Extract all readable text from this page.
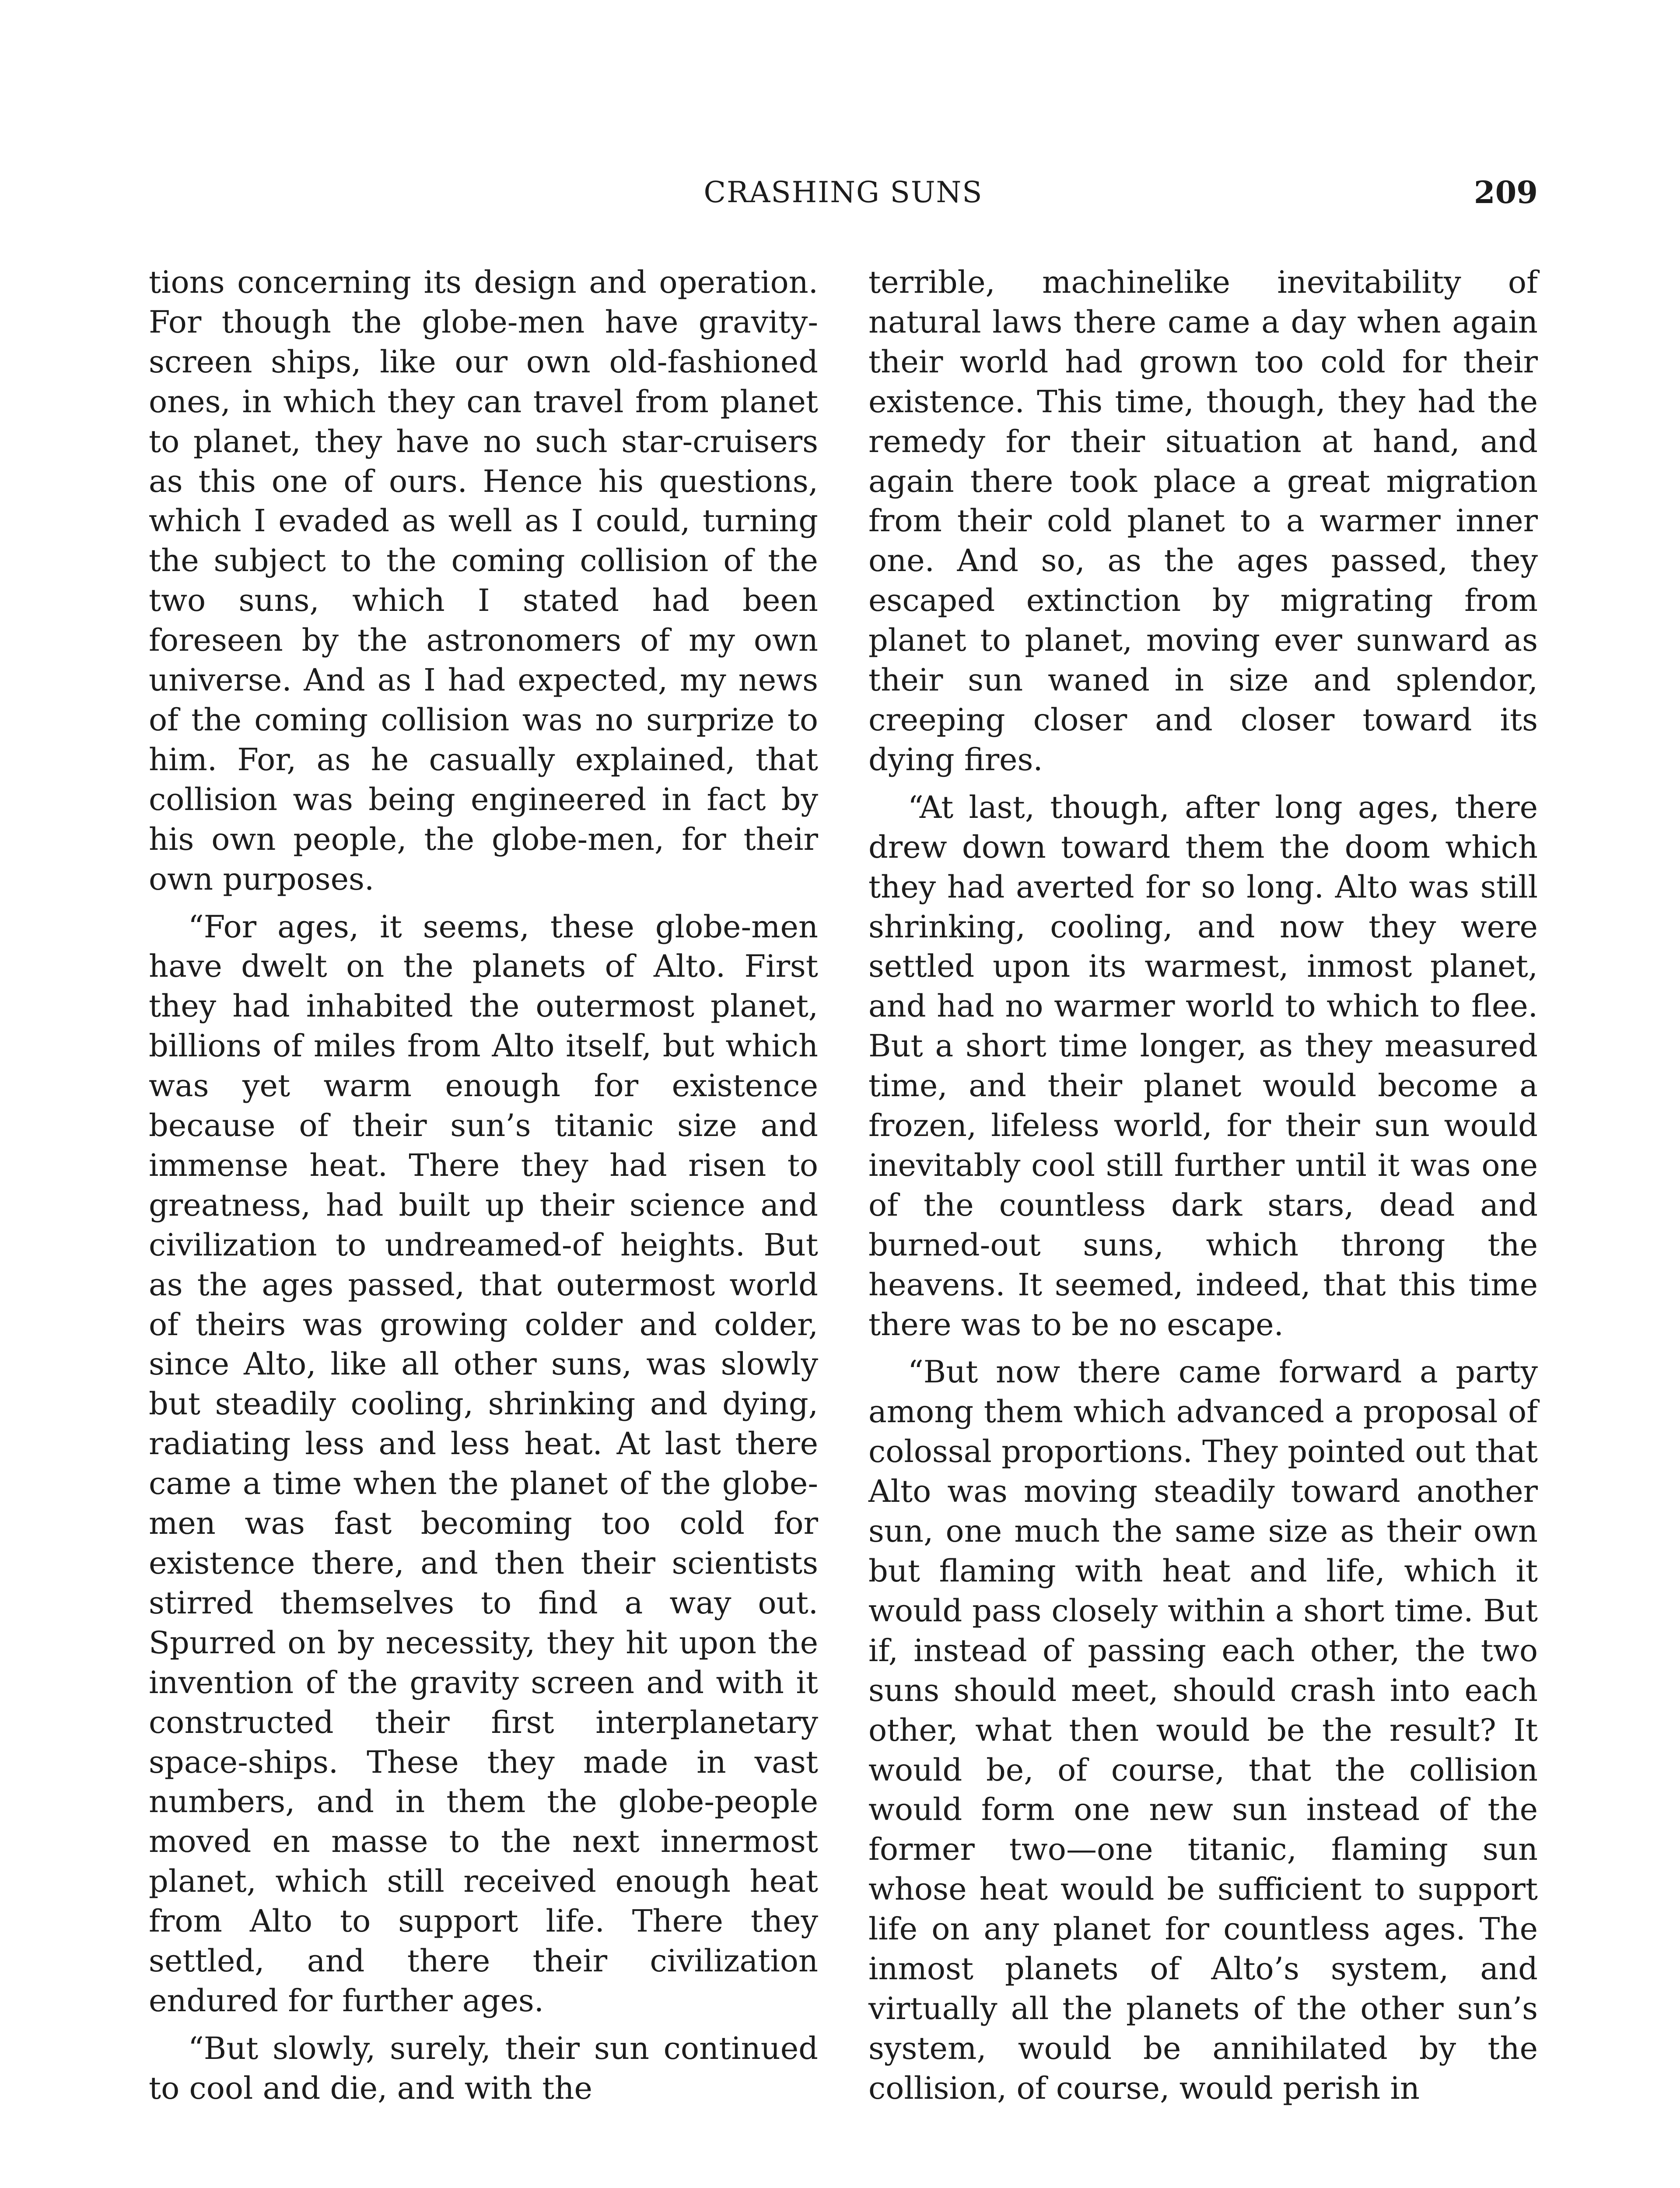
CRASHING SUNS	209

tions concerning its design and operation. For though the globe-men have gravity-screen ships, like our own old-fashioned ones, in which they can travel from planet to planet, they have no such star-cruisers as this one of ours. Hence his questions, which I evaded as well as I could, turning the subject to the coming collision of the two suns, which I stated had been foreseen by the astronomers of my own universe. And as I had expected, my news of the coming collision was no surprize to him. For, as he casually explained, that collision was being engineered in fact by his own people, the globe-men, for their own purposes.

“For ages, it seems, these globe-men have dwelt on the planets of Alto. First they had inhabited the outermost planet, billions of miles from Alto itself, but which was yet warm enough for existence because of their sun’s titanic size and immense heat. There they had risen to greatness, had built up their science and civilization to undreamed-of heights. But as the ages passed, that outermost world of theirs was growing colder and colder, since Alto, like all other suns, was slowly but steadily cooling, shrinking and dying, radiating less and less heat. At last there came a time when the planet of the globe-men was fast becoming too cold for existence there, and then their scientists stirred themselves to find a way out. Spurred on by necessity, they hit upon the invention of the gravity screen and with it constructed their first interplanetary space-ships. These they made in vast numbers, and in them the globe-people moved en masse to the next innermost planet, which still received enough heat from Alto to support life. There they settled, and there their civilization endured for further ages.

“But slowly, surely, their sun continued to cool and die, and with the

terrible, machinelike inevitability of natural laws there came a day when again their world had grown too cold for their existence. This time, though, they had the remedy for their situation at hand, and again there took place a great migration from their cold planet to a warmer inner one. And so, as the ages passed, they escaped extinction by migrating from planet to planet, moving ever sunward as their sun waned in size and splendor, creeping closer and closer toward its dying fires.

“At last, though, after long ages, there drew down toward them the doom which they had averted for so long. Alto was still shrinking, cooling, and now they were settled upon its warmest, inmost planet, and had no warmer world to which to flee. But a short time longer, as they measured time, and their planet would become a frozen, lifeless world, for their sun would inevitably cool still further until it was one of the countless dark stars, dead and burned-out suns, which throng the heavens. It seemed, indeed, that this time there was to be no escape.

“But now there came forward a party among them which advanced a proposal of colossal proportions. They pointed out that Alto was moving steadily toward another sun, one much the same size as their own but flaming with heat and life, which it would pass closely within a short time. But if, instead of passing each other, the two suns should meet, should crash into each other, what then would be the result? It would be, of course, that the collision would form one new sun instead of the former two—one titanic, flaming sun whose heat would be sufficient to support life on any planet for countless ages. The inmost planets of Alto’s system, and virtually all the planets of the other sun’s system, would be annihilated by the collision, of course, would perish in
